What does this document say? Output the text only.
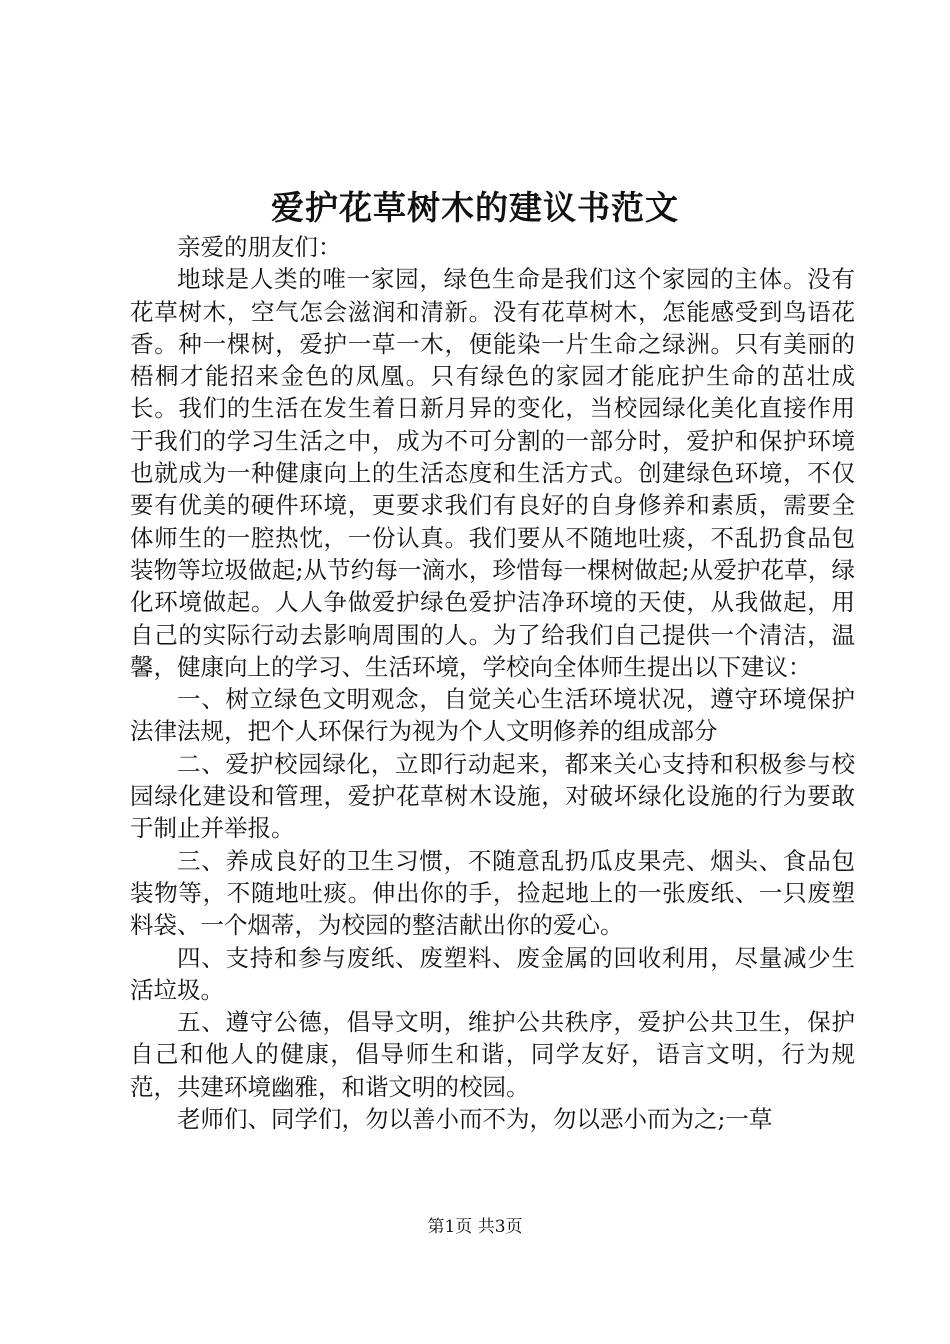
爱护花草树木的建议书范文

亲爱的朋友们：

地球是人类的唯一家园，绿色生命是我们这个家园的主体。没有花草树木，空气怎会滋润和清新。没有花草树木，怎能感受到鸟语花香。种一棵树，爱护一草一木，便能染一片生命之绿洲。只有美丽的梧桐才能招来金色的凤凰。只有绿色的家园才能庇护生命的茁壮成长。我们的生活在发生着日新月异的变化，当校园绿化美化直接作用于我们的学习生活之中，成为不可分割的一部分时，爱护和保护环境也就成为一种健康向上的生活态度和生活方式。创建绿色环境，不仅要有优美的硬件环境，更要求我们有良好的自身修养和素质，需要全体师生的一腔热忱，一份认真。我们要从不随地吐痰，不乱扔食品包装物等垃圾做起;从节约每一滴水，珍惜每一棵树做起;从爱护花草，绿化环境做起。人人争做爱护绿色爱护洁净环境的天使，从我做起，用自己的实际行动去影响周围的人。为了给我们自己提供一个清洁，温馨，健康向上的学习、生活环境，学校向全体师生提出以下建议：

一、树立绿色文明观念，自觉关心生活环境状况，遵守环境保护法律法规，把个人环保行为视为个人文明修养的组成部分

二、爱护校园绿化，立即行动起来，都来关心支持和积极参与校园绿化建设和管理，爱护花草树木设施，对破坏绿化设施的行为要敢于制止并举报。

三、养成良好的卫生习惯，不随意乱扔瓜皮果壳、烟头、食品包装物等，不随地吐痰。伸出你的手，捡起地上的一张废纸、一只废塑料袋、一个烟蒂，为校园的整洁献出你的爱心。

四、支持和参与废纸、废塑料、废金属的回收利用，尽量减少生活垃圾。

五、遵守公德，倡导文明，维护公共秩序，爱护公共卫生，保护自己和他人的健康，倡导师生和谐，同学友好，语言文明，行为规范，共建环境幽雅，和谐文明的校园。

老师们、同学们，勿以善小而不为，勿以恶小而为之;一草

第1页 共3页
